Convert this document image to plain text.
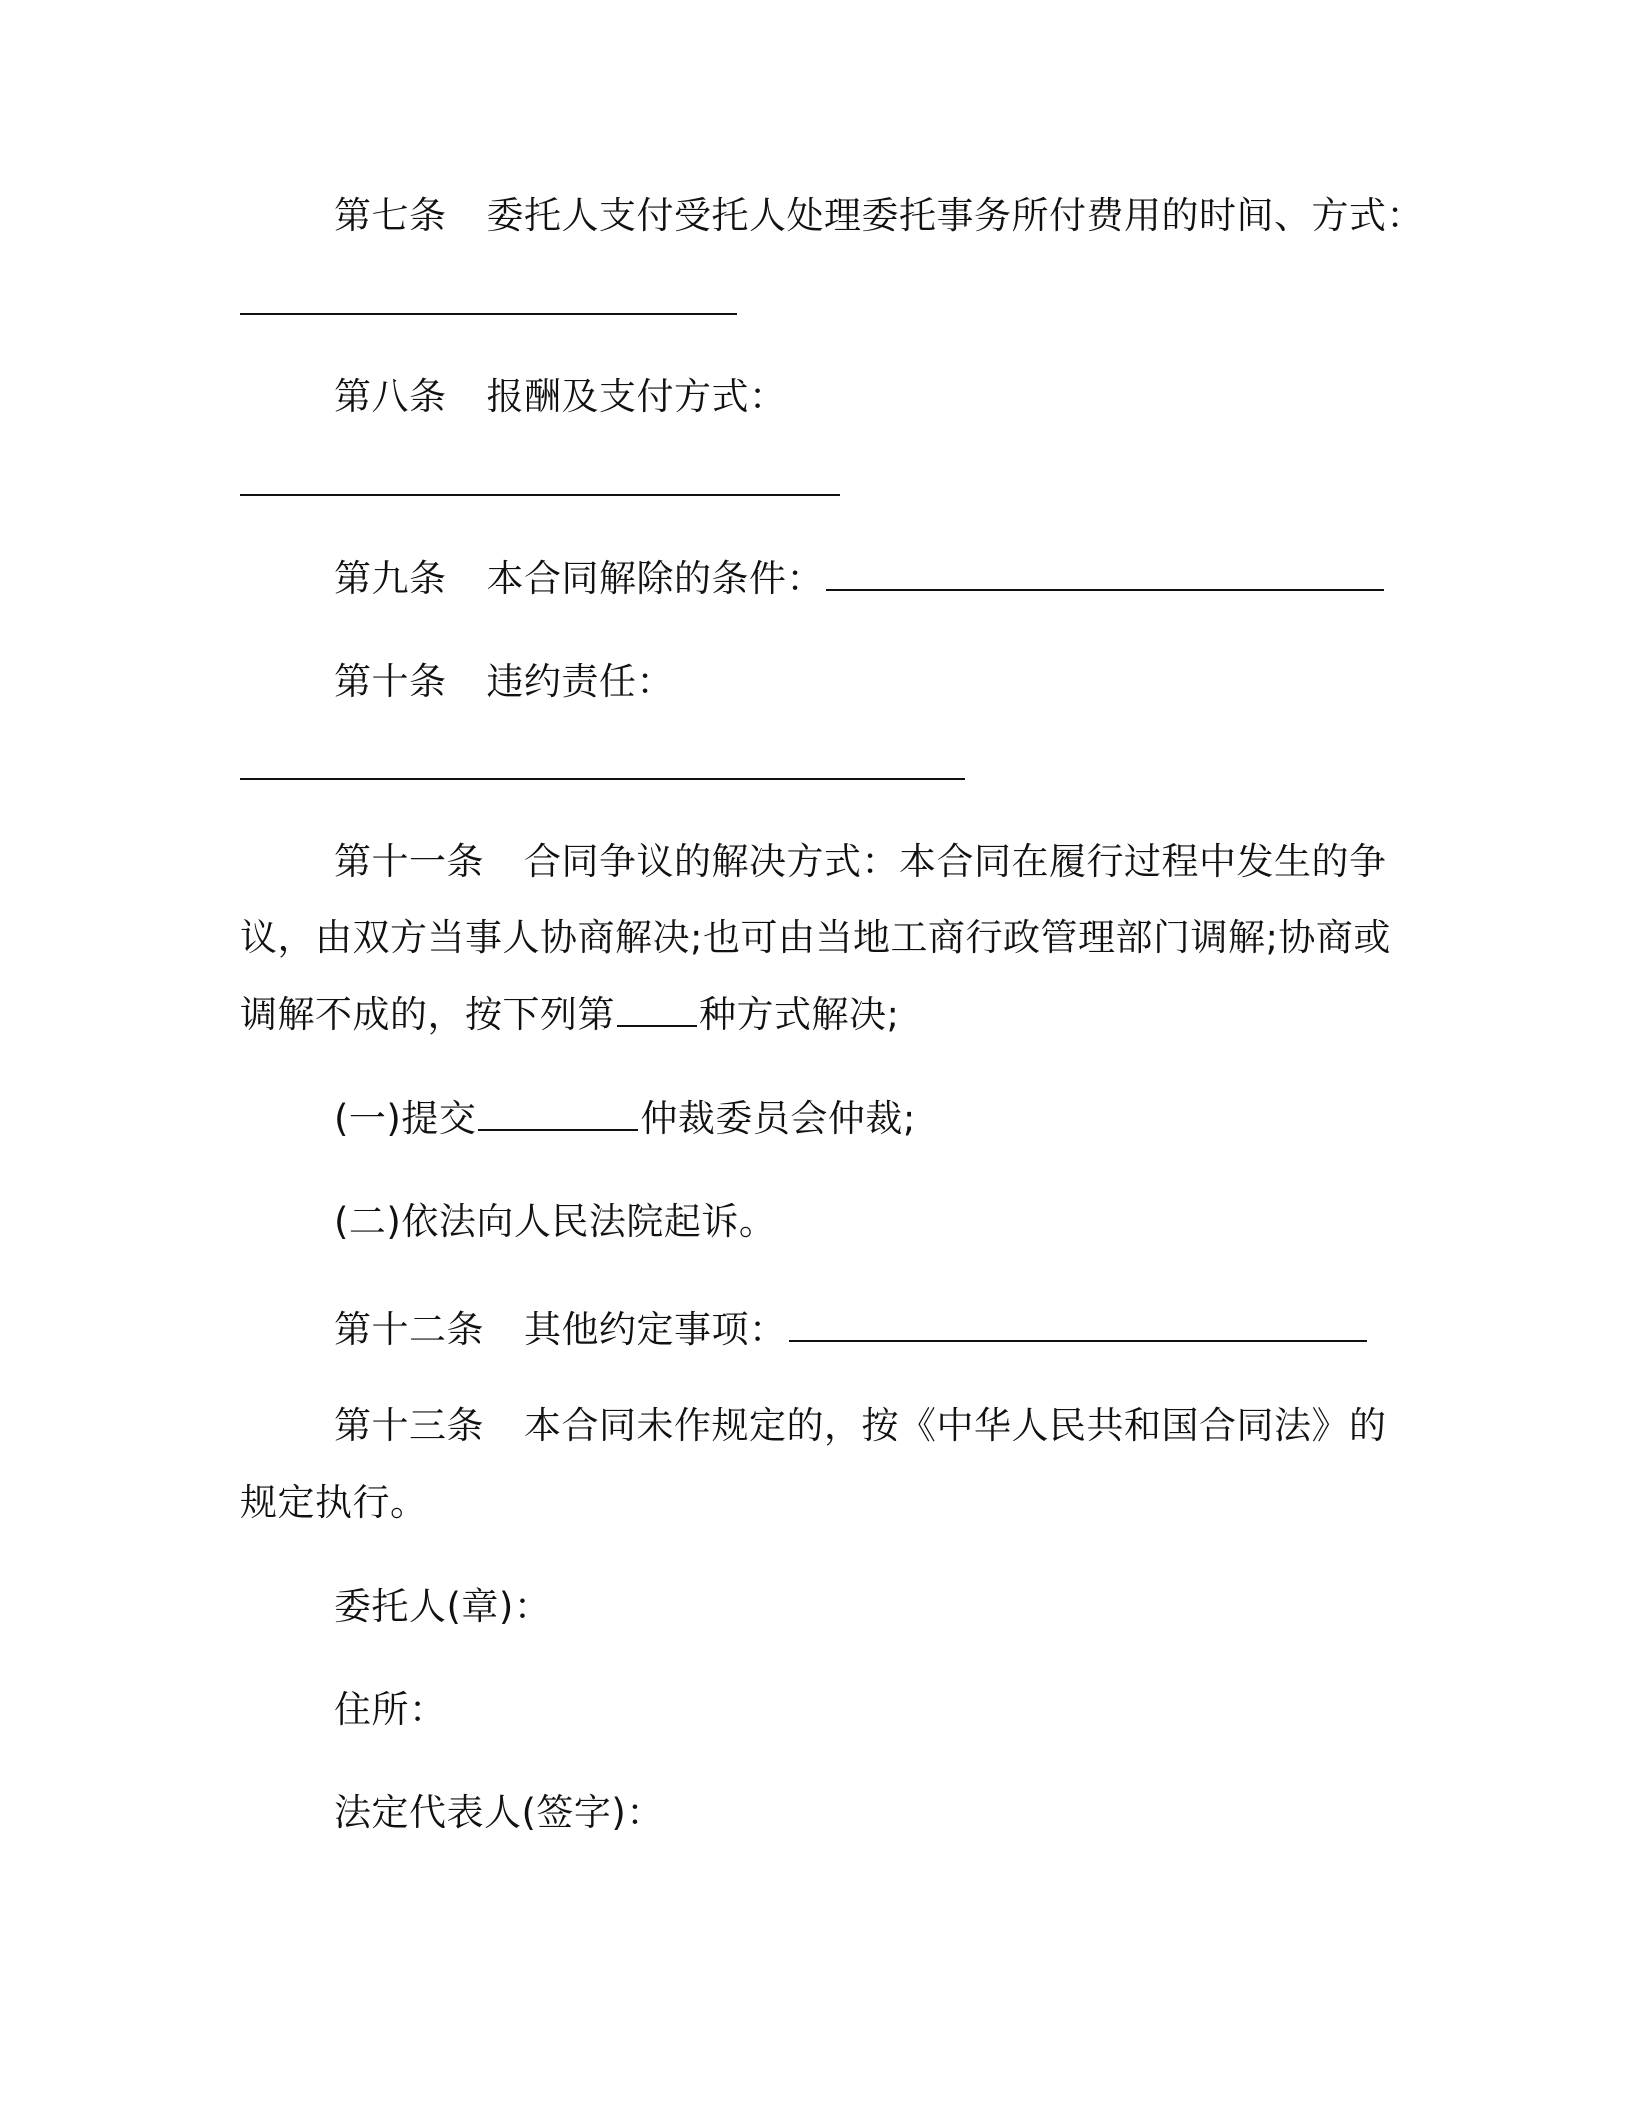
第七条 委托人支付受托人处理委托事务所付费用的时间、方式：
第八条 报酬及支付方式：
第九条 本合同解除的条件：
第十条 违约责任：
第十一条 合同争议的解决方式：本合同在履行过程中发生的争
议，由双方当事人协商解决;也可由当地工商行政管理部门调解;协商或
调解不成的，按下列第 种方式解决;
(一)提交	仲裁委员会仲裁;
(二)依法向人民法院起诉。
第十二条 其他约定事项：
第十三条 本合同未作规定的，按《中华人民共和国合同法》的
规定执行。
委托人(章)：
住所：
法定代表人(签字)：
